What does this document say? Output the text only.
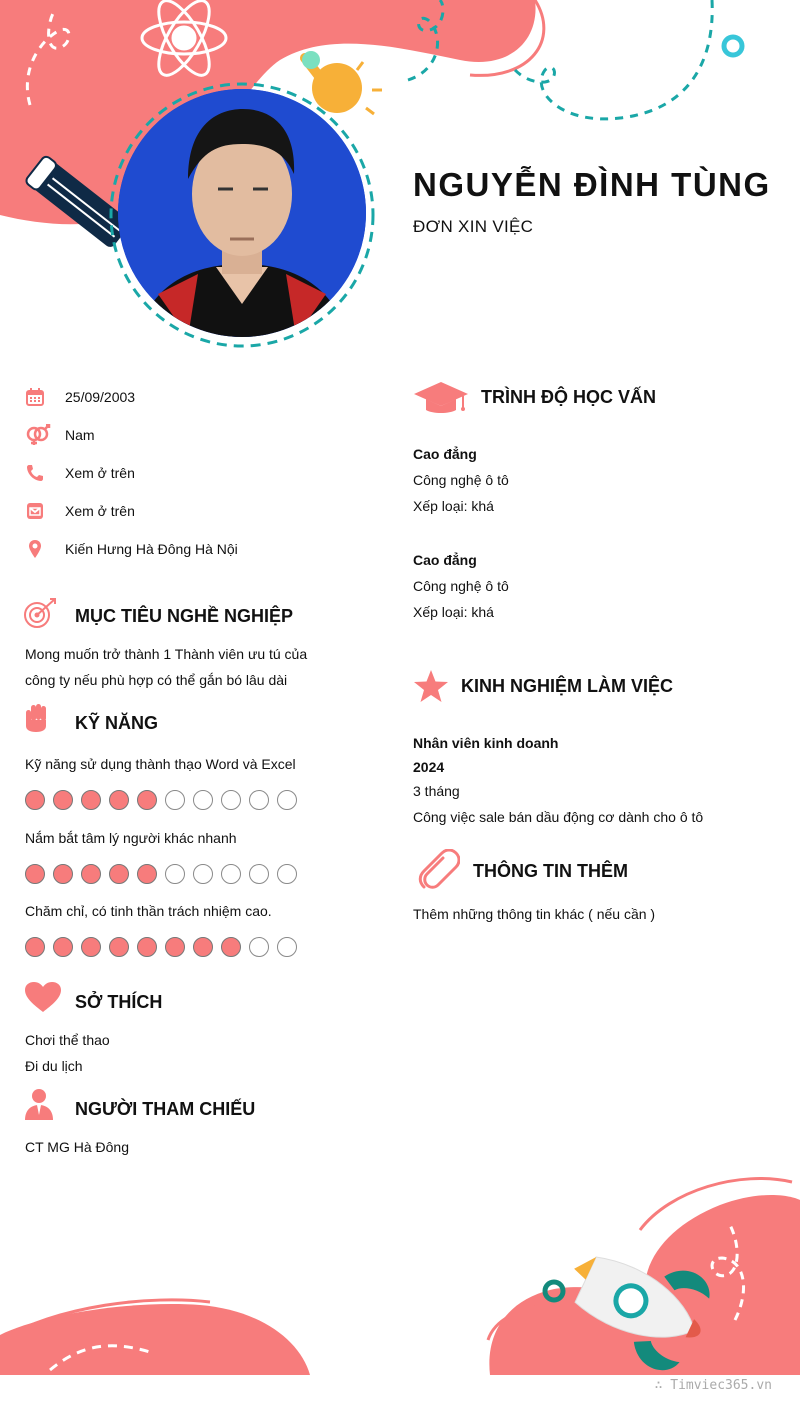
NGUYỄN ĐÌNH TÙNG
ĐƠN XIN VIỆC
25/09/2003
Nam
Xem ở trên
Xem ở trên
Kiến Hưng Hà Đông Hà Nội
MỤC TIÊU NGHỀ NGHIỆP
Mong muốn trở thành 1 Thành viên ưu tú của
công ty nếu phù hợp có thể gắn bó lâu dài
KỸ NĂNG
Kỹ năng sử dụng thành thạo Word và Excel
Nắm bắt tâm lý người khác nhanh
Chăm chỉ, có tinh thần trách nhiệm cao.
SỞ THÍCH
Chơi thể thao
Đi du lịch
NGƯỜI THAM CHIẾU
CT MG Hà Đông
TRÌNH ĐỘ HỌC VẤN
Cao đẳng
Công nghệ ô tô
Xếp loại: khá
Cao đẳng
Công nghệ ô tô
Xếp loại: khá
KINH NGHIỆM LÀM VIỆC
Nhân viên kinh doanh
2024
3 tháng
Công việc sale bán dầu động cơ dành cho ô tô
THÔNG TIN THÊM
Thêm những thông tin khác ( nếu cần )
∴ Timviec365.vn
